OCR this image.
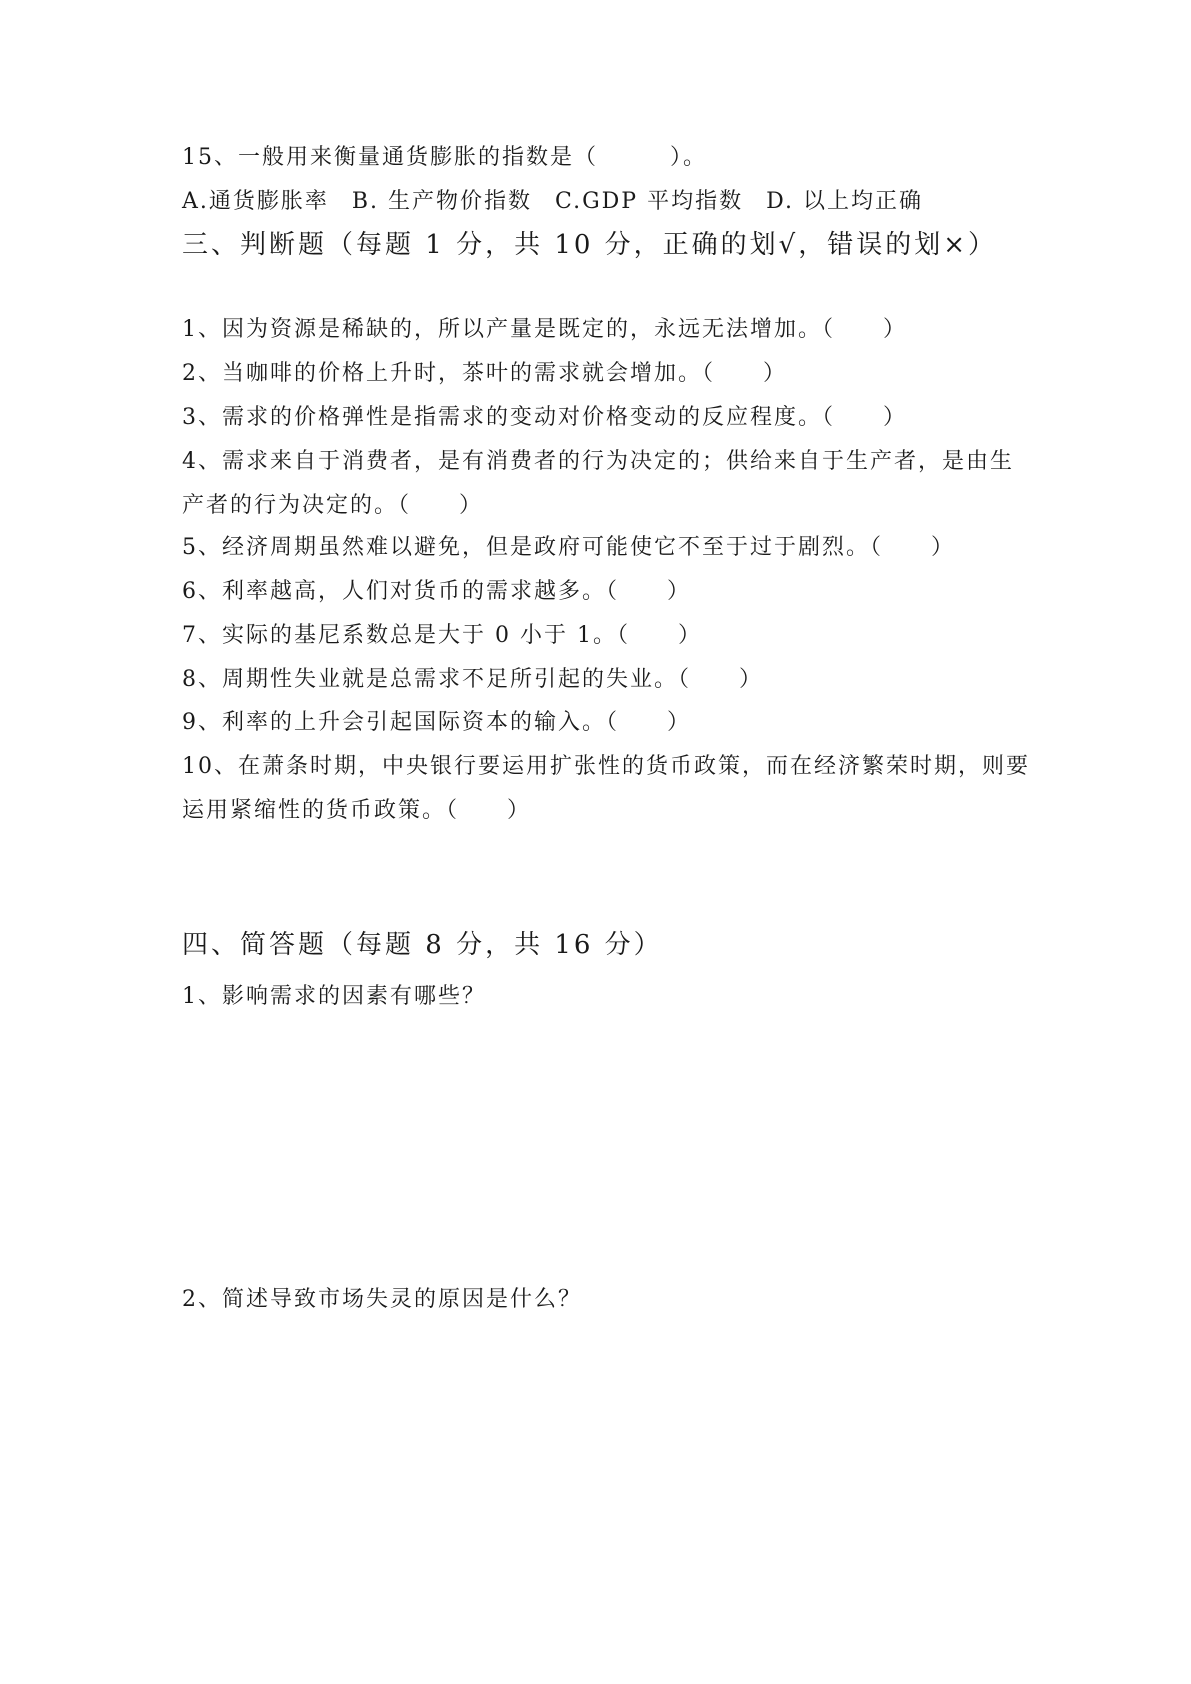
15、一般用来衡量通货膨胀的指数是（　　　）。
A.通货膨胀率 B. 生产物价指数 C.GDP 平均指数 D. 以上均正确
三、判断题（每题 1 分，共 10 分，正确的划√，错误的划×）
1、因为资源是稀缺的，所以产量是既定的，永远无法增加。（　　）
2、当咖啡的价格上升时，茶叶的需求就会增加。（　　）
3、需求的价格弹性是指需求的变动对价格变动的反应程度。（　　）
4、需求来自于消费者，是有消费者的行为决定的；供给来自于生产者，是由生
产者的行为决定的。（　　）
5、经济周期虽然难以避免，但是政府可能使它不至于过于剧烈。（　　）
6、利率越高，人们对货币的需求越多。（　　）
7、实际的基尼系数总是大于 0 小于 1。（　　）
8、周期性失业就是总需求不足所引起的失业。（　　）
9、利率的上升会引起国际资本的输入。（　　）
10、在萧条时期，中央银行要运用扩张性的货币政策，而在经济繁荣时期，则要
运用紧缩性的货币政策。（　　）
四、简答题（每题 8 分，共 16 分）
1、影响需求的因素有哪些？
2、简述导致市场失灵的原因是什么？
